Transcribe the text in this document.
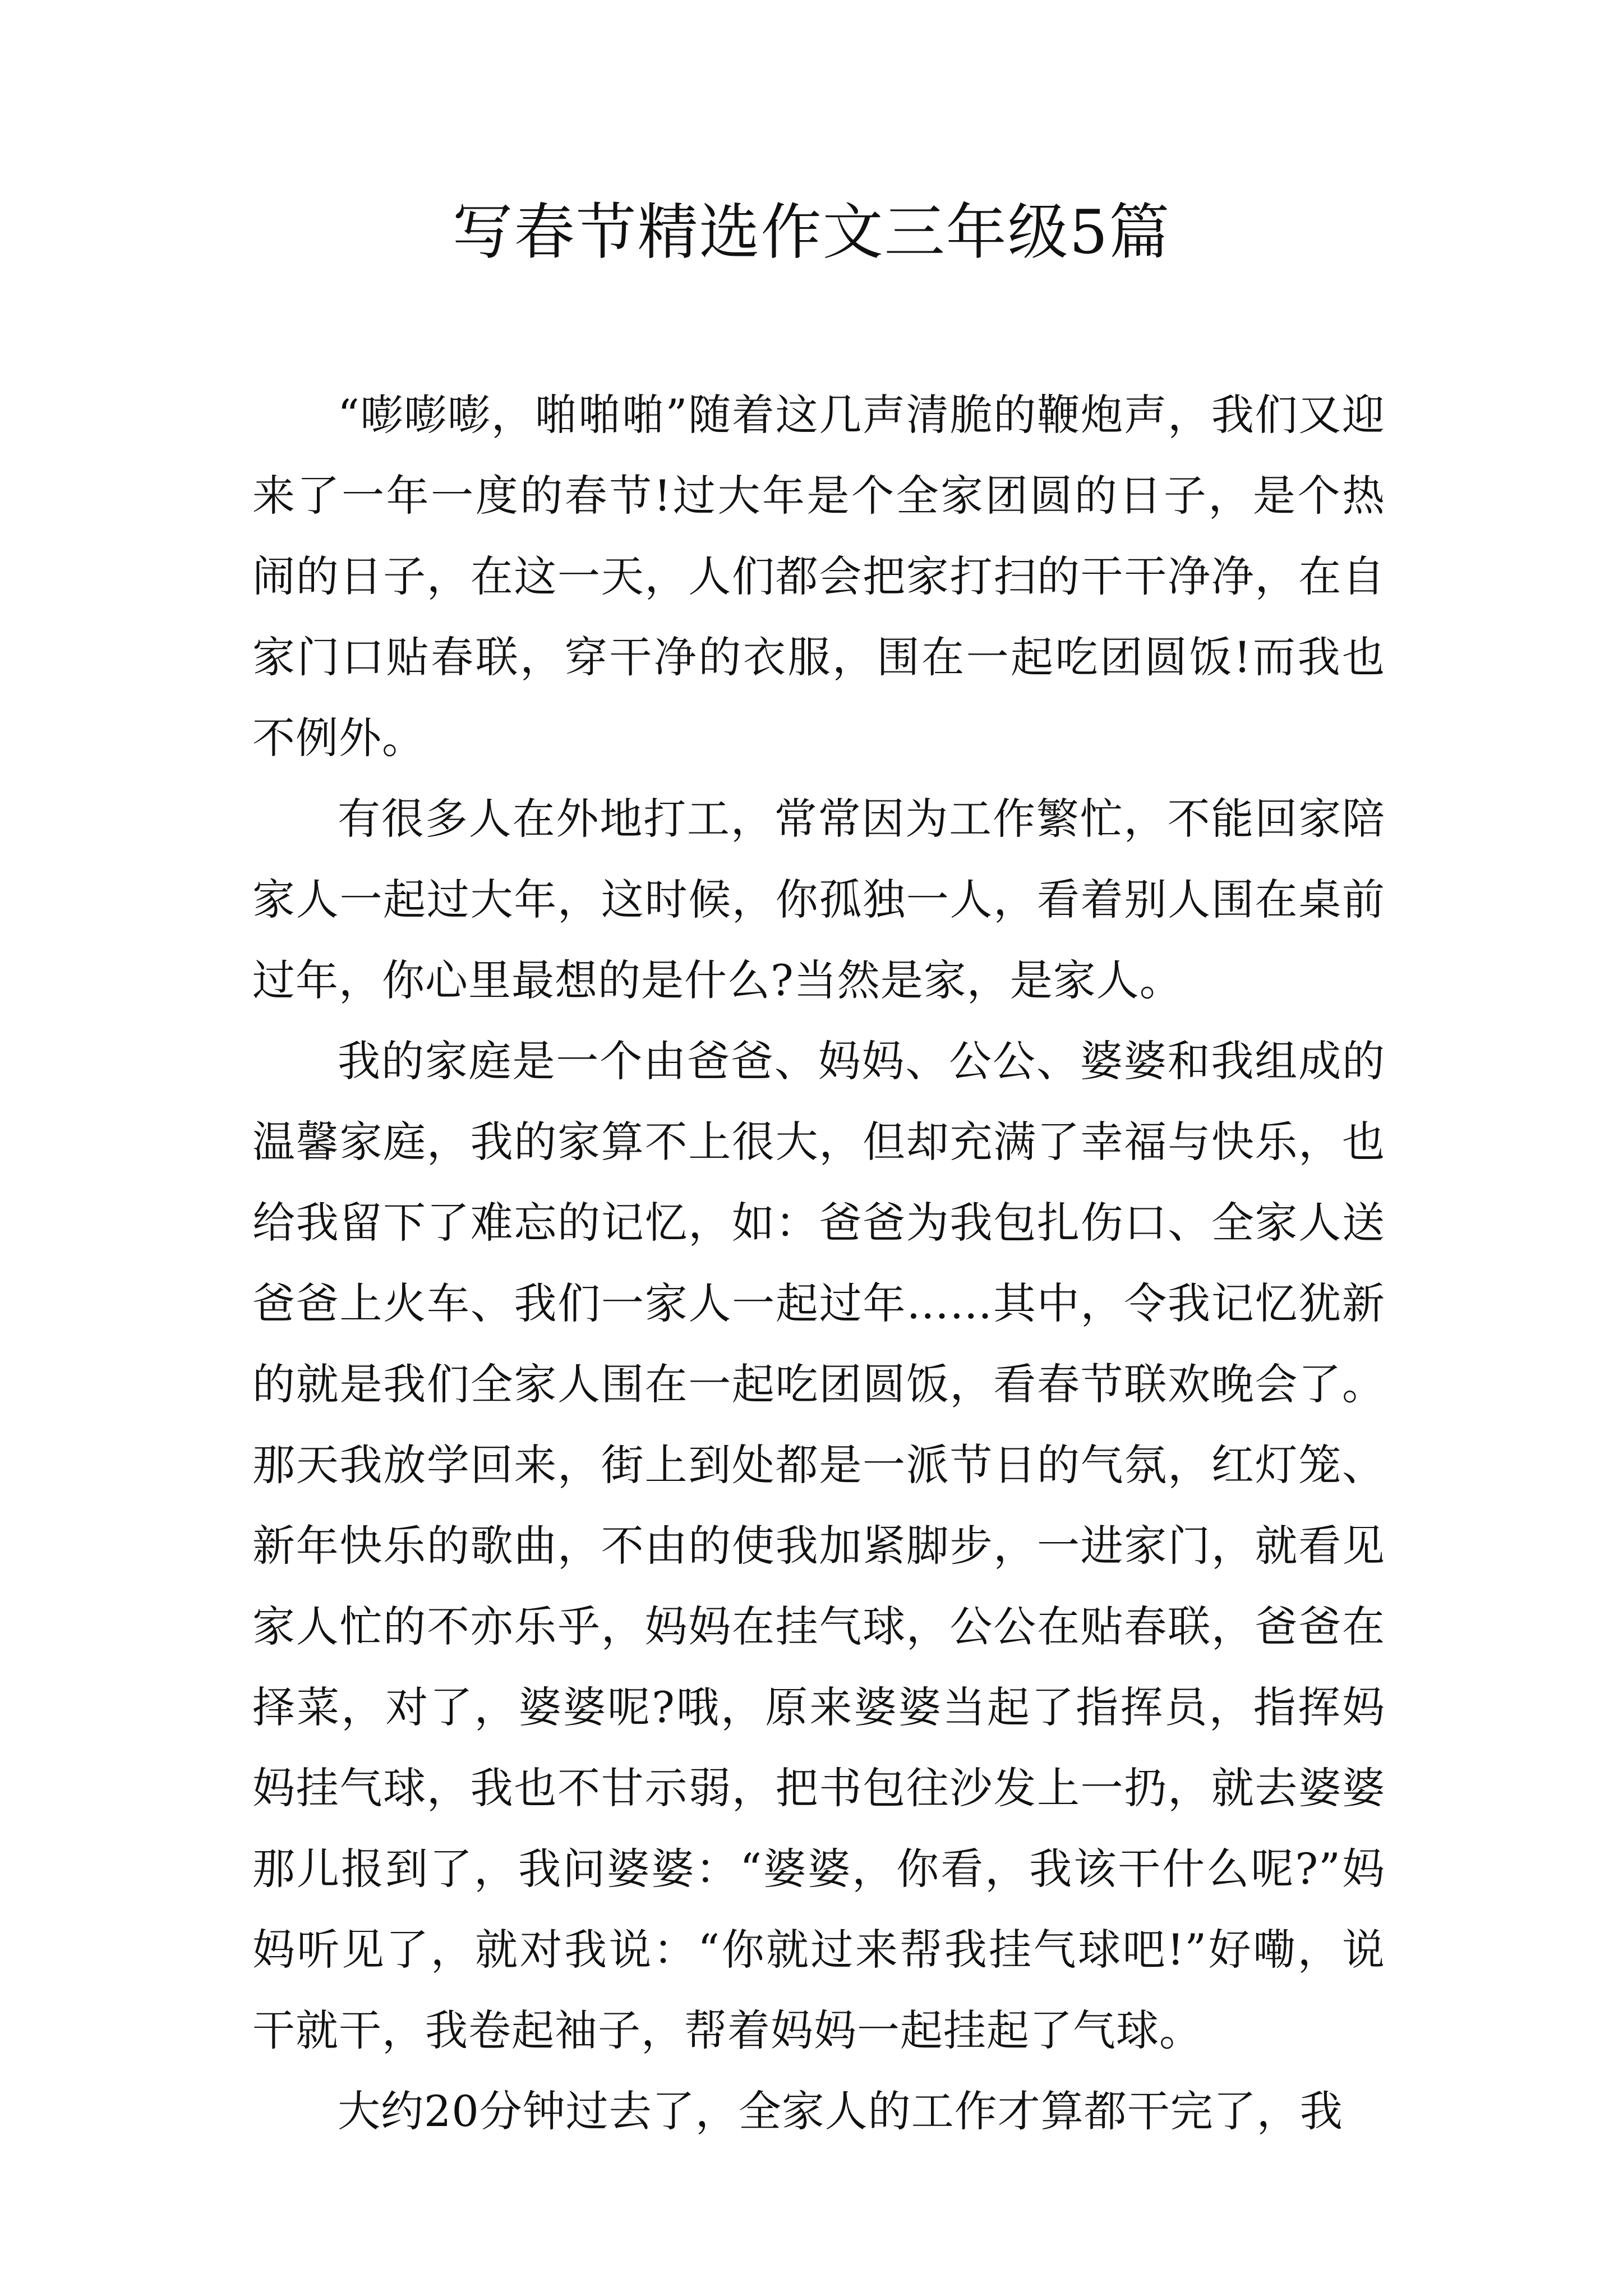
写春节精选作文三年级5篇

“嘭嘭嘭，啪啪啪”随着这几声清脆的鞭炮声，我们又迎来了一年一度的春节!过大年是个全家团圆的日子，是个热闹的日子，在这一天，人们都会把家打扫的干干净净，在自家门口贴春联，穿干净的衣服，围在一起吃团圆饭!而我也不例外。

有很多人在外地打工，常常因为工作繁忙，不能回家陪家人一起过大年，这时候，你孤独一人，看着别人围在桌前过年，你心里最想的是什么?当然是家，是家人。

我的家庭是一个由爸爸、妈妈、公公、婆婆和我组成的温馨家庭，我的家算不上很大，但却充满了幸福与快乐，也给我留下了难忘的记忆，如：爸爸为我包扎伤口、全家人送爸爸上火车、我们一家人一起过年……其中，令我记忆犹新的就是我们全家人围在一起吃团圆饭，看春节联欢晚会了。那天我放学回来，街上到处都是一派节日的气氛，红灯笼、新年快乐的歌曲，不由的使我加紧脚步，一进家门，就看见家人忙的不亦乐乎，妈妈在挂气球，公公在贴春联，爸爸在择菜，对了，婆婆呢?哦，原来婆婆当起了指挥员，指挥妈妈挂气球，我也不甘示弱，把书包往沙发上一扔，就去婆婆那儿报到了，我问婆婆：“婆婆，你看，我该干什么呢?”妈妈听见了，就对我说：“你就过来帮我挂气球吧!”好嘞，说干就干，我卷起袖子，帮着妈妈一起挂起了气球。

大约20分钟过去了，全家人的工作才算都干完了，我
